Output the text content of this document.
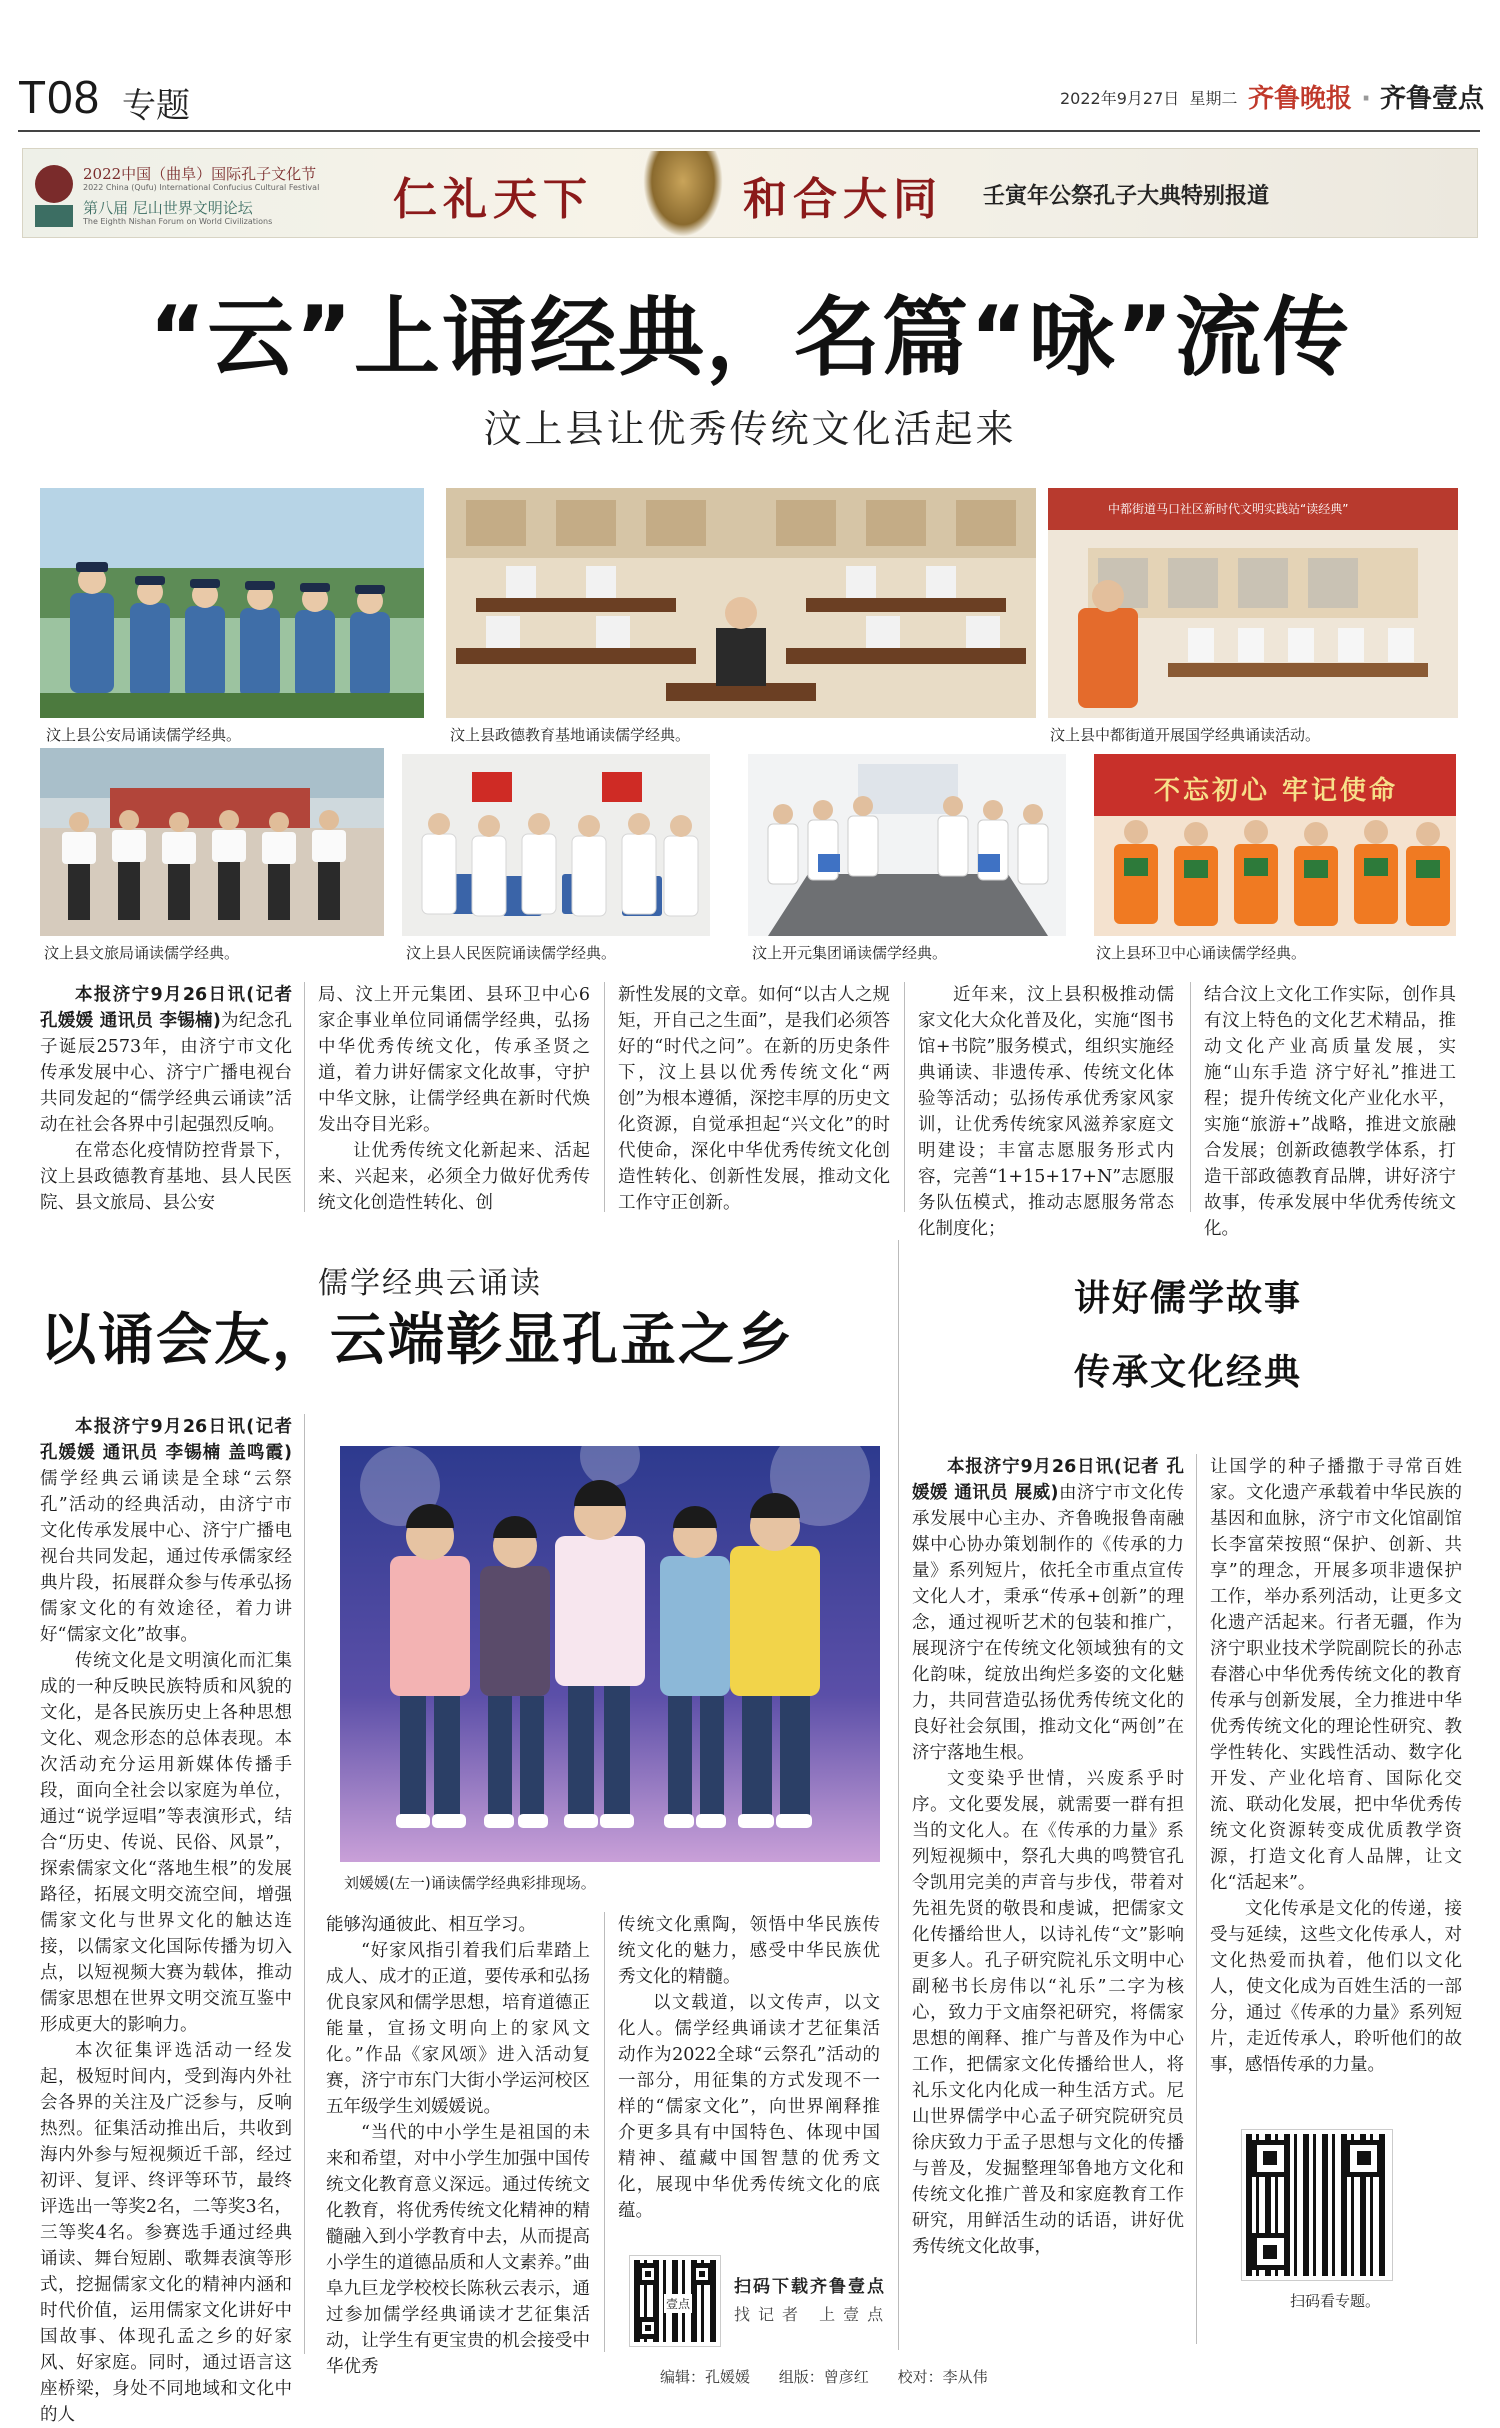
T08 专题	2022年9月27日 星期二 齐鲁晚报 · 齐鲁壹点
2022中国（曲阜）国际孔子文化节
2022 China (Qufu) International Confucius Cultural Festival
第八届 尼山世界文明论坛
The Eighth Nishan Forum on World Civilizations	仁礼天下	和合大同 壬寅年公祭孔子大典特别报道
“云”上诵经典，名篇“咏”流传
汶上县让优秀传统文化活起来
汶上县公安局诵读儒学经典。	汶上县政德教育基地诵读儒学经典。
中都街道马口社区新时代文明实践站“读经典”
汶上县中都街道开展国学经典诵读活动。
汶上县文旅局诵读儒学经典。	汶上县人民医院诵读儒学经典。	汶上开元集团诵读儒学经典。
不忘初心 牢记使命
汶上县环卫中心诵读儒学经典。

本报济宁9月26日讯(记者 孔媛媛 通讯员 李锡楠)为纪念孔子诞辰2573年，由济宁市文化传承发展中心、济宁广播电视台共同发起的“儒学经典云诵读”活动在社会各界中引起强烈反响。

在常态化疫情防控背景下，汶上县政德教育基地、县人民医院、县文旅局、县公安

局、汶上开元集团、县环卫中心6家企事业单位同诵儒学经典，弘扬中华优秀传统文化，传承圣贤之道，着力讲好儒家文化故事，守护中华文脉，让儒学经典在新时代焕发出夺目光彩。

让优秀传统文化新起来、活起来、兴起来，必须全力做好优秀传统文化创造性转化、创

新性发展的文章。如何“以古人之规矩，开自己之生面”，是我们必须答好的“时代之问”。在新的历史条件下，汶上县以优秀传统文化“两创”为根本遵循，深挖丰厚的历史文化资源，自觉承担起“兴文化”的时代使命，深化中华优秀传统文化创造性转化、创新性发展，推动文化工作守正创新。

近年来，汶上县积极推动儒家文化大众化普及化，实施“图书馆+书院”服务模式，组织实施经典诵读、非遗传承、传统文化体验等活动；弘扬传承优秀家风家训，让优秀传统家风滋养家庭文明建设；丰富志愿服务形式内容，完善“1+15+17+N”志愿服务队伍模式，推动志愿服务常态化制度化；

结合汶上文化工作实际，创作具有汶上特色的文化艺术精品，推动文化产业高质量发展，实施“山东手造 济宁好礼”推进工程；提升传统文化产业化水平，实施“旅游+”战略，推进文旅融合发展；创新政德教学体系，打造干部政德教育品牌，讲好济宁故事，传承发展中华优秀传统文化。

儒学经典云诵读
以诵会友，云端彰显孔孟之乡

本报济宁9月26日讯(记者 孔媛媛 通讯员 李锡楠 盖鸣霞)儒学经典云诵读是全球“云祭孔”活动的经典活动，由济宁市文化传承发展中心、济宁广播电视台共同发起，通过传承儒家经典片段，拓展群众参与传承弘扬儒家文化的有效途径，着力讲好“儒家文化”故事。

传统文化是文明演化而汇集成的一种反映民族特质和风貌的文化，是各民族历史上各种思想文化、观念形态的总体表现。本次活动充分运用新媒体传播手段，面向全社会以家庭为单位，通过“说学逗唱”等表演形式，结合“历史、传说、民俗、风景”，探索儒家文化“落地生根”的发展路径，拓展文明交流空间，增强儒家文化与世界文化的触达连接，以儒家文化国际传播为切入点，以短视频大赛为载体，推动儒家思想在世界文明交流互鉴中形成更大的影响力。

本次征集评选活动一经发起，极短时间内，受到海内外社会各界的关注及广泛参与，反响热烈。征集活动推出后，共收到海内外参与短视频近千部，经过初评、复评、终评等环节，最终评选出一等奖2名，二等奖3名，三等奖4名。参赛选手通过经典诵读、舞台短剧、歌舞表演等形式，挖掘儒家文化的精神内涵和时代价值，运用儒家文化讲好中国故事、体现孔孟之乡的好家风、好家庭。同时，通过语言这座桥梁，身处不同地域和文化中的人

刘媛媛(左一)诵读儒学经典彩排现场。

能够沟通彼此、相互学习。

“好家风指引着我们后辈踏上成人、成才的正道，要传承和弘扬优良家风和儒学思想，培育道德正能量，宣扬文明向上的家风文化。”作品《家风颂》进入活动复赛，济宁市东门大街小学运河校区五年级学生刘媛媛说。

“当代的中小学生是祖国的未来和希望，对中小学生加强中国传统文化教育意义深远。通过传统文化教育，将优秀传统文化精神的精髓融入到小学教育中去，从而提高小学生的道德品质和人文素养。”曲阜九巨龙学校校长陈秋云表示，通过参加儒学经典诵读才艺征集活动，让学生有更宝贵的机会接受中华优秀

传统文化熏陶，领悟中华民族传统文化的魅力，感受中华民族优秀文化的精髓。

以文载道，以文传声，以文化人。儒学经典诵读才艺征集活动作为2022全球“云祭孔”活动的一部分，用征集的方式发现不一样的“儒家文化”，向世界阐释推介更多具有中国特色、体现中国精神、蕴藏中国智慧的优秀文化，展现中华优秀传统文化的底蕴。

壹点
扫码下载齐鲁壹点
找记者 上壹点
讲好儒学故事
传承文化经典

本报济宁9月26日讯(记者 孔媛媛 通讯员 展威)由济宁市文化传承发展中心主办、齐鲁晚报鲁南融媒中心协办策划制作的《传承的力量》系列短片，依托全市重点宣传文化人才，秉承“传承+创新”的理念，通过视听艺术的包装和推广，展现济宁在传统文化领域独有的文化韵味，绽放出绚烂多姿的文化魅力，共同营造弘扬优秀传统文化的良好社会氛围，推动文化“两创”在济宁落地生根。

文变染乎世情，兴废系乎时序。文化要发展，就需要一群有担当的文化人。在《传承的力量》系列短视频中，祭孔大典的鸣赞官孔令凯用完美的声音与步伐，带着对先祖先贤的敬畏和虔诚，把儒家文化传播给世人，以诗礼传“文”影响更多人。孔子研究院礼乐文明中心副秘书长房伟以“礼乐”二字为核心，致力于文庙祭祀研究，将儒家思想的阐释、推广与普及作为中心工作，把儒家文化传播给世人，将礼乐文化内化成一种生活方式。尼山世界儒学中心孟子研究院研究员徐庆致力于孟子思想与文化的传播与普及，发掘整理邹鲁地方文化和传统文化推广普及和家庭教育工作研究，用鲜活生动的话语，讲好优秀传统文化故事，

让国学的种子播撒于寻常百姓家。文化遗产承载着中华民族的基因和血脉，济宁市文化馆副馆长李富荣按照“保护、创新、共享”的理念，开展多项非遗保护工作，举办系列活动，让更多文化遗产活起来。行者无疆，作为济宁职业技术学院副院长的孙志春潜心中华优秀传统文化的教育传承与创新发展，全力推进中华优秀传统文化的理论性研究、教学性转化、实践性活动、数字化开发、产业化培育、国际化交流、联动化发展，把中华优秀传统文化资源转变成优质教学资源，打造文化育人品牌，让文化“活起来”。

文化传承是文化的传递，接受与延续，这些文化传承人，对文化热爱而执着，他们以文化人，使文化成为百姓生活的一部分，通过《传承的力量》系列短片，走近传承人，聆听他们的故事，感悟传承的力量。

扫码看专题。
编辑：孔媛媛 组版：曾彦红 校对：李从伟
